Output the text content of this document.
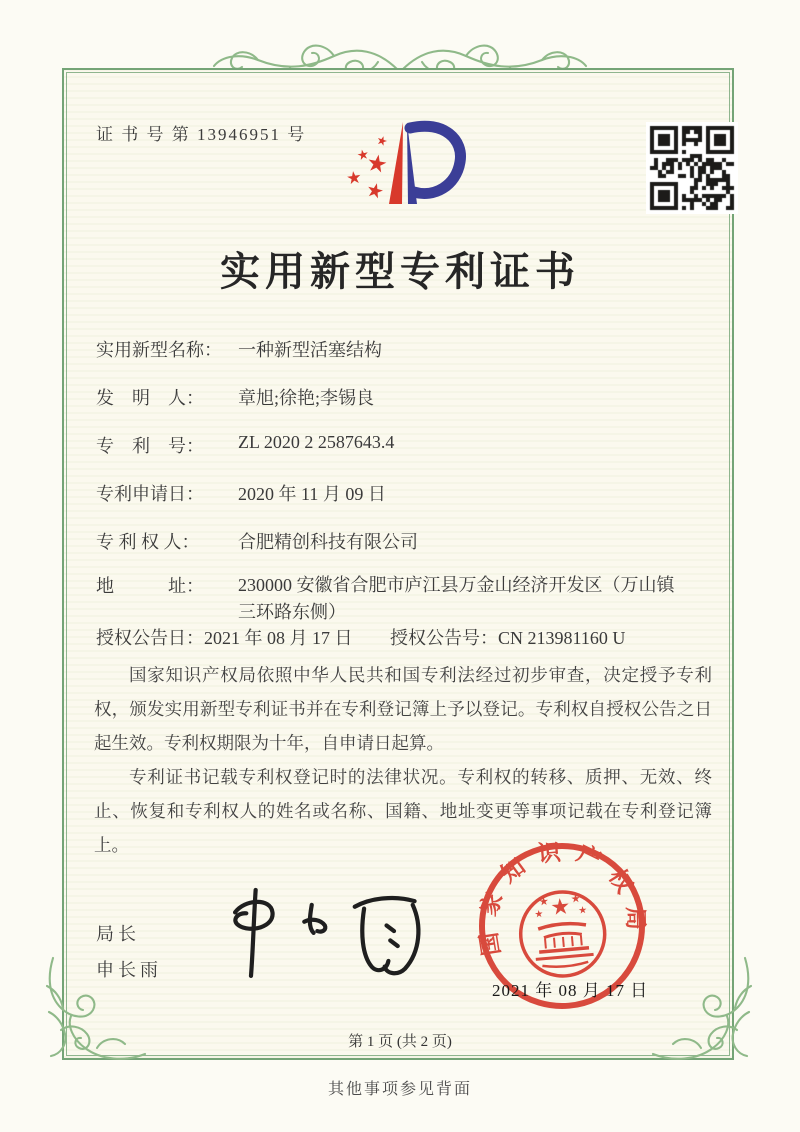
证 书 号 第 13946951 号
实用新型专利证书
实用新型名称： 一种新型活塞结构
发　明　人： 章旭;徐艳;李锡良
专　利　号： ZL 2020 2 2587643.4
专利申请日： 2020 年 11 月 09 日
专 利 权 人： 合肥精创科技有限公司
地　　　址： 230000 安徽省合肥市庐江县万金山经济开发区（万山镇三环路东侧）
授权公告日：2021 年 08 月 17 日 授权公告号：CN 213981160 U

国家知识产权局依照中华人民共和国专利法经过初步审查，决定授予专利权，颁发实用新型专利证书并在专利登记簿上予以登记。专利权自授权公告之日起生效。专利权期限为十年，自申请日起算。

专利证书记载专利权登记时的法律状况。专利权的转移、质押、无效、终止、恢复和专利权人的姓名或名称、国籍、地址变更等事项记载在专利登记簿上。

局长
申长雨
国家知识产权局
2021 年 08 月 17 日
第 1 页 (共 2 页)
其他事项参见背面
